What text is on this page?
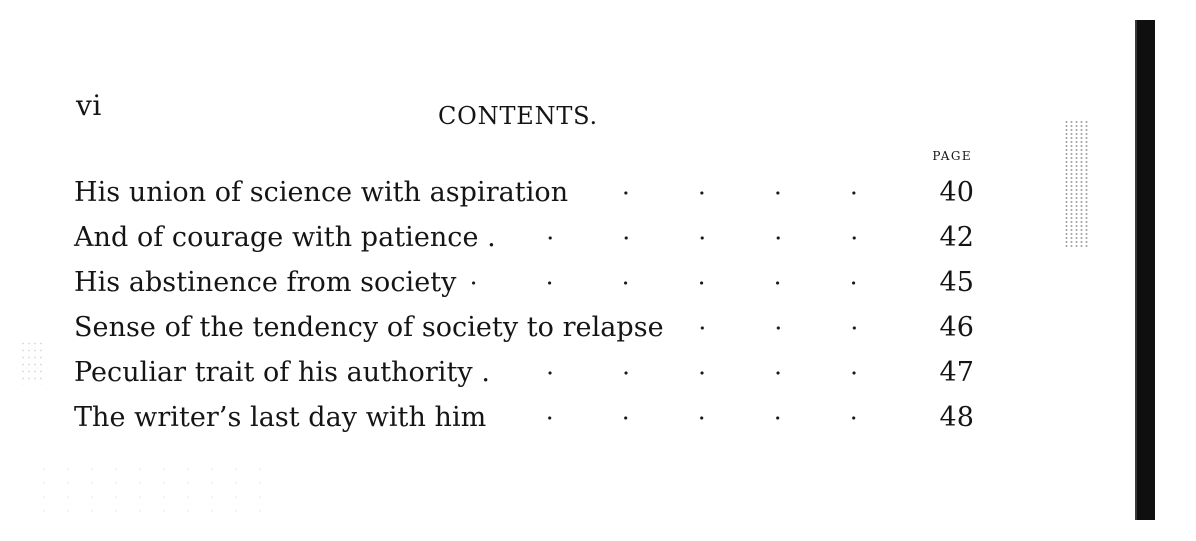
vi	CONTENTS.
PAGE
His union of science with aspiration	40
And of courage with patience .	42
His abstinence from society	45
Sense of the tendency of society to relapse	46
Peculiar trait of his authority .	47
The writer’s last day with him	48
